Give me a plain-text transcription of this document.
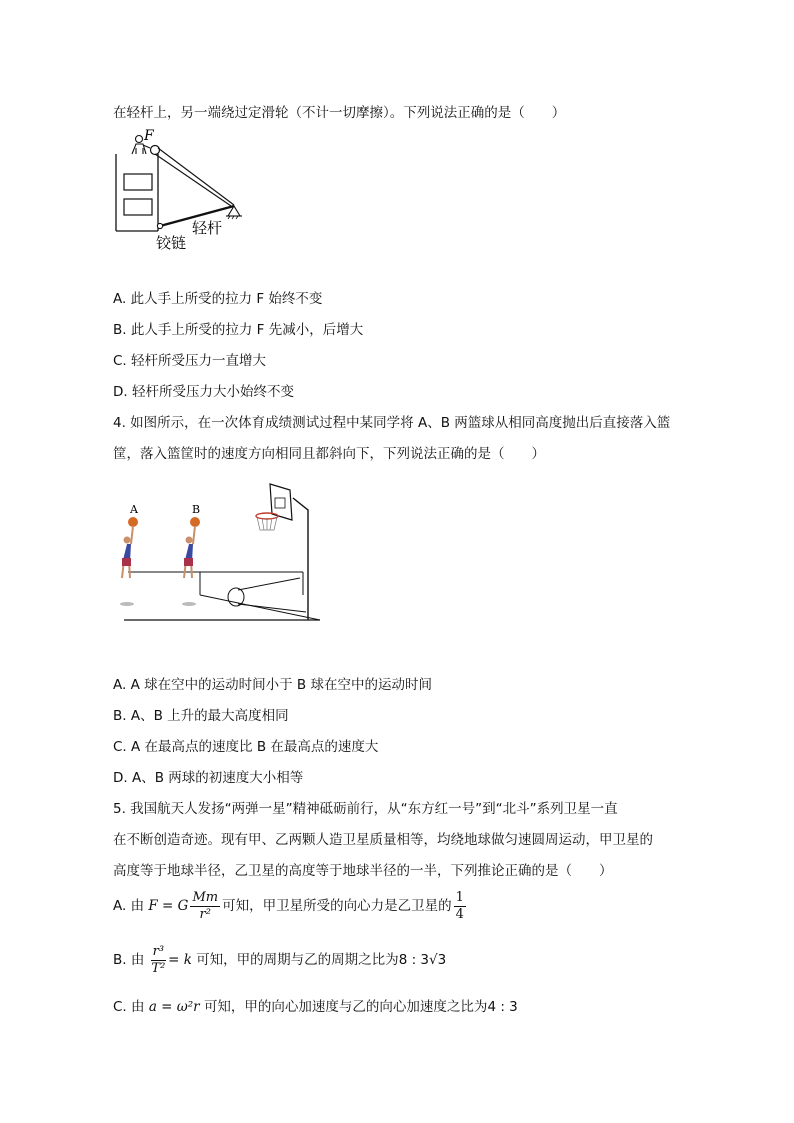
在轻杆上，另一端绕过定滑轮（不计一切摩擦）。下列说法正确的是（　　）
F
轻杆
铰链
A. 此人手上所受的拉力 F 始终不变
B. 此人手上所受的拉力 F 先减小，后增大
C. 轻杆所受压力一直增大
D. 轻杆所受压力大小始终不变
4. 如图所示，在一次体育成绩测试过程中某同学将 A、B 两篮球从相同高度抛出后直接落入篮
筐，落入篮筐时的速度方向相同且都斜向下，下列说法正确的是（　　）
A	B
A. A 球在空中的运动时间小于 B 球在空中的运动时间
B. A、B 上升的最大高度相同
C. A 在最高点的速度比 B 在最高点的速度大
D. A、B 两球的初速度大小相等
5. 我国航天人发扬“两弹一星”精神砥砺前行，从“东方红一号”到“北斗”系列卫星一直
在不断创造奇迹。现有甲、乙两颗人造卫星质量相等，均绕地球做匀速圆周运动，甲卫星的
高度等于地球半径，乙卫星的高度等于地球半径的一半，下列推论正确的是（　　）
A. 由 F = G $\frac{Mm}{\text{r²}}$ 可知，甲卫星所受的向心力是乙卫星的 $\frac{1}{4}$
B. 由 $\frac{\text{r³}}{\text{T²}} = k$ 可知，甲的周期与乙的周期之比为8 : 3√3
C. 由 a = ω²r 可知，甲的向心加速度与乙的向心加速度之比为4 : 3
